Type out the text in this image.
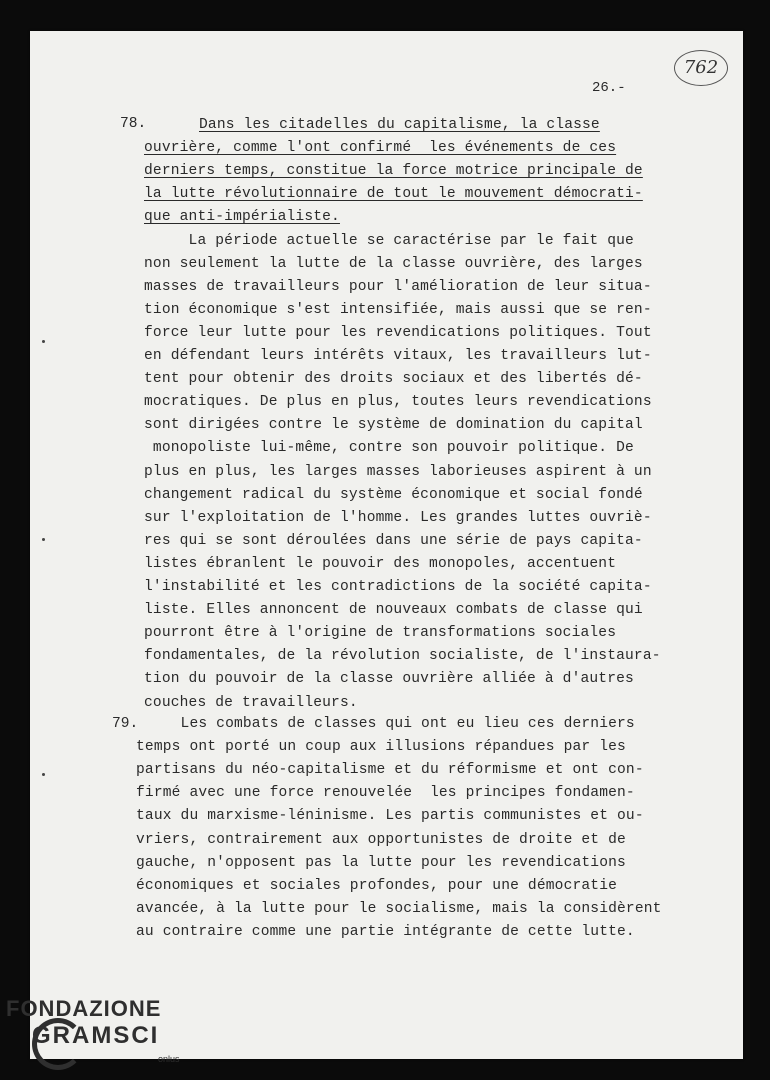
762
26.-
78.	Dans les citadelles du capitalisme, la classe
ouvrière, comme l'ont confirmé  les événements de ces
derniers temps, constitue la force motrice principale de
la lutte révolutionnaire de tout le mouvement démocrati-
que anti-impérialiste.
La période actuelle se caractérise par le fait que
non seulement la lutte de la classe ouvrière, des larges
masses de travailleurs pour l'amélioration de leur situa-
tion économique s'est intensifiée, mais aussi que se ren-
force leur lutte pour les revendications politiques. Tout
en défendant leurs intérêts vitaux, les travailleurs lut-
tent pour obtenir des droits sociaux et des libertés dé-
mocratiques. De plus en plus, toutes leurs revendications
sont dirigées contre le système de domination du capital
monopoliste lui-même, contre son pouvoir politique. De
plus en plus, les larges masses laborieuses aspirent à un
changement radical du système économique et social fondé
sur l'exploitation de l'homme. Les grandes luttes ouvriè-
res qui se sont déroulées dans une série de pays capita-
listes ébranlent le pouvoir des monopoles, accentuent
l'instabilité et les contradictions de la société capita-
liste. Elles annoncent de nouveaux combats de classe qui
pourront être à l'origine de transformations sociales
fondamentales, de la révolution socialiste, de l'instaura-
tion du pouvoir de la classe ouvrière alliée à d'autres
couches de travailleurs.
79.
Les combats de classes qui ont eu lieu ces derniers
temps ont porté un coup aux illusions répandues par les
partisans du néo-capitalisme et du réformisme et ont con-
firmé avec une force renouvelée  les principes fondamen-
taux du marxisme-léninisme. Les partis communistes et ou-
vriers, contrairement aux opportunistes de droite et de
gauche, n'opposent pas la lutte pour les revendications
économiques et sociales profondes, pour une démocratie
avancée, à la lutte pour le socialisme, mais la considèrent
au contraire comme une partie intégrante de cette lutte.
FONDAZIONE
GRAMSCI
onlus
